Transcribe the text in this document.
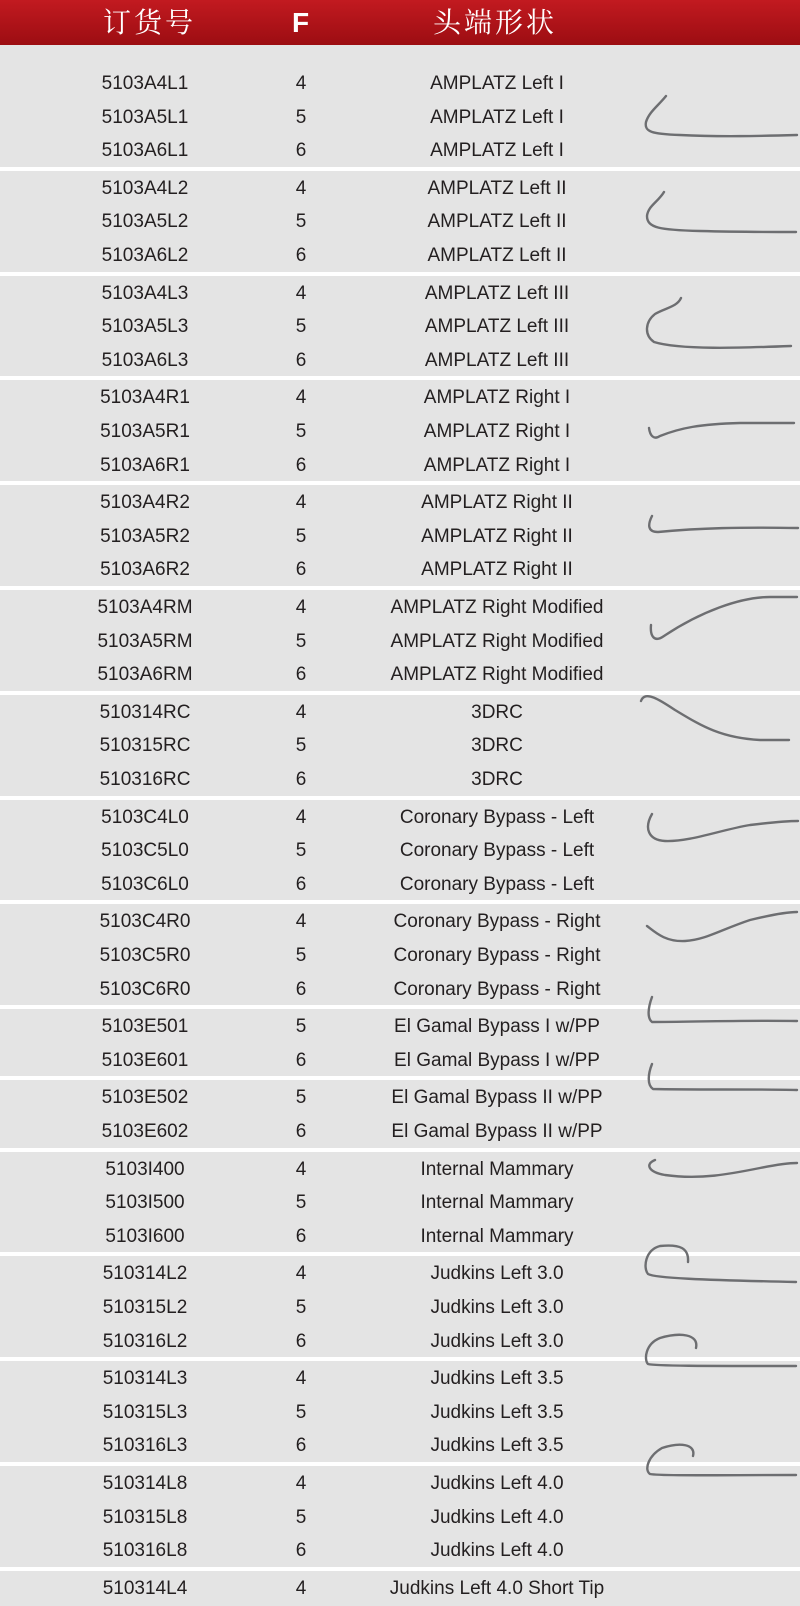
订货号	F	头端形状
5103A4L1	4	AMPLATZ Left I
5103A5L1	5	AMPLATZ Left I
5103A6L1	6	AMPLATZ Left I
5103A4L2	4	AMPLATZ Left II
5103A5L2	5	AMPLATZ Left II
5103A6L2	6	AMPLATZ Left II
5103A4L3	4	AMPLATZ Left III
5103A5L3	5	AMPLATZ Left III
5103A6L3	6	AMPLATZ Left III
5103A4R1	4	AMPLATZ Right I
5103A5R1	5	AMPLATZ Right I
5103A6R1	6	AMPLATZ Right I
5103A4R2	4	AMPLATZ Right II
5103A5R2	5	AMPLATZ Right II
5103A6R2	6	AMPLATZ Right II
5103A4RM	4	AMPLATZ Right Modified
5103A5RM	5	AMPLATZ Right Modified
5103A6RM	6	AMPLATZ Right Modified
510314RC	4	3DRC
510315RC	5	3DRC
510316RC	6	3DRC
5103C4L0	4	Coronary Bypass - Left
5103C5L0	5	Coronary Bypass - Left
5103C6L0	6	Coronary Bypass - Left
5103C4R0	4	Coronary Bypass - Right
5103C5R0	5	Coronary Bypass - Right
5103C6R0	6	Coronary Bypass - Right
5103E501	5	El Gamal Bypass I w/PP
5103E601	6	El Gamal Bypass I w/PP
5103E502	5	El Gamal Bypass II w/PP
5103E602	6	El Gamal Bypass II w/PP
5103I400	4	Internal Mammary
5103I500	5	Internal Mammary
5103I600	6	Internal Mammary
510314L2	4	Judkins Left 3.0
510315L2	5	Judkins Left 3.0
510316L2	6	Judkins Left 3.0
510314L3	4	Judkins Left 3.5
510315L3	5	Judkins Left 3.5
510316L3	6	Judkins Left 3.5
510314L8	4	Judkins Left 4.0
510315L8	5	Judkins Left 4.0
510316L8	6	Judkins Left 4.0
510314L4	4	Judkins Left 4.0 Short Tip
